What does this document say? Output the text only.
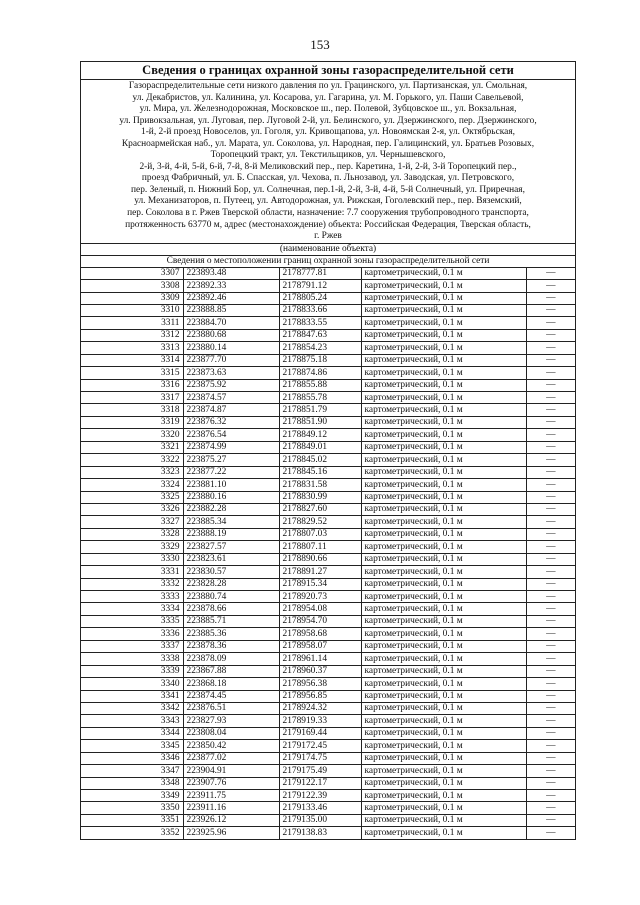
153
Сведения о границах охранной зоны газораспределительной сети
Газораспределительные сети низкого давления по ул. Грацинского, ул. Партизанская, ул. Смольная,
ул. Декабристов, ул. Калинина, ул. Косарова, ул. Гагарина, ул. М. Горького, ул. Паши Савельевой,
ул. Мира, ул. Железнодорожная, Московское ш., пер. Полевой, Зубцовское ш., ул. Вокзальная,
ул. Привокзальная, ул. Луговая, пер. Луговой 2-й, ул. Белинского, ул. Дзержинского, пер. Дзержинского,
1-й, 2-й проезд Новоселов, ул. Гоголя, ул. Кривощапова, ул. Новоямская 2-я, ул. Октябрьская,
Красноармейская наб., ул. Марата, ул. Соколова, ул. Народная, пер. Галицинский, ул. Братьев Розовых,
Торопецкий тракт, ул. Текстильщиков, ул. Чернышевского,
2-й, 3-й, 4-й, 5-й, 6-й, 7-й, 8-й Меликовский пер., пер. Каретина, 1-й, 2-й, 3-й Торопецкий пер.,
проезд Фабричный, ул. Б. Спасская, ул. Чехова, п. Льнозавод, ул. Заводская, ул. Петровского,
пер. Зеленый, п. Нижний Бор, ул. Солнечная, пер.1-й, 2-й, 3-й, 4-й, 5-й Солнечный, ул. Приречная,
ул. Механизаторов, п. Путеец, ул. Автодорожная, ул. Рижская, Гоголевский пер., пер. Вяземский,
пер. Соколова в г. Ржев Тверской области, назначение: 7.7 сооружения трубопроводного транспорта,
протяженность 63770 м, адрес (местонахождение) объекта: Российская Федерация, Тверская область,
г. Ржев
(наименование объекта)
Сведения о местоположении границ охранной зоны газораспределительной сети
3307	223893.48	2178777.81	картометрический, 0.1 м	—
3308	223892.33	2178791.12	картометрический, 0.1 м	—
3309	223892.46	2178805.24	картометрический, 0.1 м	—
3310	223888.85	2178833.66	картометрический, 0.1 м	—
3311	223884.70	2178833.55	картометрический, 0.1 м	—
3312	223880.68	2178847.63	картометрический, 0.1 м	—
3313	223880.14	2178854.23	картометрический, 0.1 м	—
3314	223877.70	2178875.18	картометрический, 0.1 м	—
3315	223873.63	2178874.86	картометрический, 0.1 м	—
3316	223875.92	2178855.88	картометрический, 0.1 м	—
3317	223874.57	2178855.78	картометрический, 0.1 м	—
3318	223874.87	2178851.79	картометрический, 0.1 м	—
3319	223876.32	2178851.90	картометрический, 0.1 м	—
3320	223876.54	2178849.12	картометрический, 0.1 м	—
3321	223874.99	2178849.01	картометрический, 0.1 м	—
3322	223875.27	2178845.02	картометрический, 0.1 м	—
3323	223877.22	2178845.16	картометрический, 0.1 м	—
3324	223881.10	2178831.58	картометрический, 0.1 м	—
3325	223880.16	2178830.99	картометрический, 0.1 м	—
3326	223882.28	2178827.60	картометрический, 0.1 м	—
3327	223885.34	2178829.52	картометрический, 0.1 м	—
3328	223888.19	2178807.03	картометрический, 0.1 м	—
3329	223827.57	2178807.11	картометрический, 0.1 м	—
3330	223823.61	2178890.66	картометрический, 0.1 м	—
3331	223830.57	2178891.27	картометрический, 0.1 м	—
3332	223828.28	2178915.34	картометрический, 0.1 м	—
3333	223880.74	2178920.73	картометрический, 0.1 м	—
3334	223878.66	2178954.08	картометрический, 0.1 м	—
3335	223885.71	2178954.70	картометрический, 0.1 м	—
3336	223885.36	2178958.68	картометрический, 0.1 м	—
3337	223878.36	2178958.07	картометрический, 0.1 м	—
3338	223878.09	2178961.14	картометрический, 0.1 м	—
3339	223867.88	2178960.37	картометрический, 0.1 м	—
3340	223868.18	2178956.38	картометрический, 0.1 м	—
3341	223874.45	2178956.85	картометрический, 0.1 м	—
3342	223876.51	2178924.32	картометрический, 0.1 м	—
3343	223827.93	2178919.33	картометрический, 0.1 м	—
3344	223808.04	2179169.44	картометрический, 0.1 м	—
3345	223850.42	2179172.45	картометрический, 0.1 м	—
3346	223877.02	2179174.75	картометрический, 0.1 м	—
3347	223904.91	2179175.49	картометрический, 0.1 м	—
3348	223907.76	2179122.17	картометрический, 0.1 м	—
3349	223911.75	2179122.39	картометрический, 0.1 м	—
3350	223911.16	2179133.46	картометрический, 0.1 м	—
3351	223926.12	2179135.00	картометрический, 0.1 м	—
3352	223925.96	2179138.83	картометрический, 0.1 м	—
